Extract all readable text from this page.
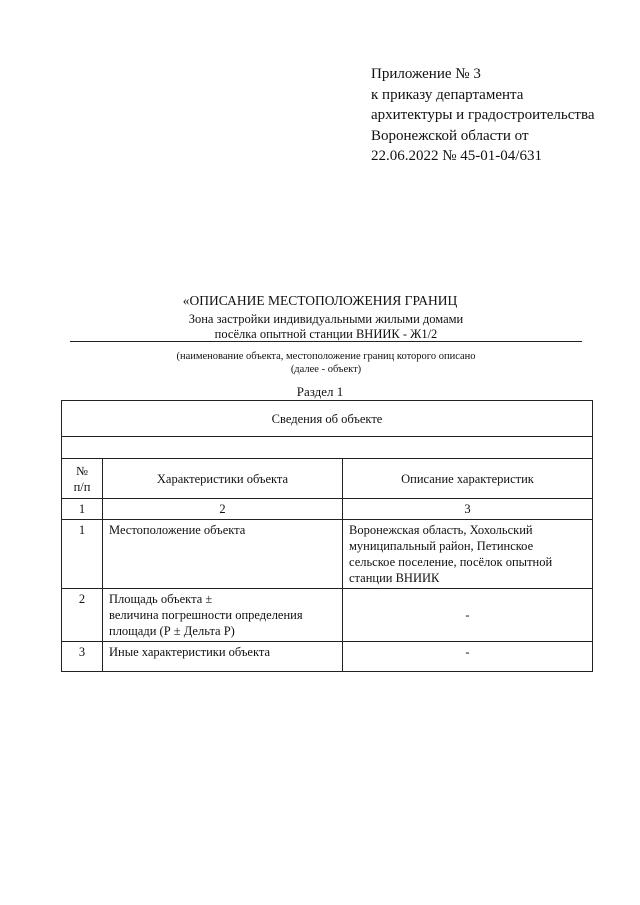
Приложение № 3
к приказу департамента
архитектуры и градостроительства
Воронежской области от
22.06.2022 № 45-01-04/631
«ОПИСАНИЕ МЕСТОПОЛОЖЕНИЯ ГРАНИЦ
Зона застройки индивидуальными жилыми домами
посёлка опытной станции ВНИИК - Ж1/2
(наименование объекта, местоположение границ которого описано
(далее - объект)
Раздел 1
Сведения об объекте		

№
п/п	Характеристики объекта	Описание характеристик
1	2	3
1	Местоположение объекта	Воронежская область, Хохольский
муниципальный район, Петинское
сельское поселение, посёлок опытной
станции ВНИИК

2	Площадь объекта ±
величина погрешности определения
площади (Р ± Дельта Р)	-
3	Иные характеристики объекта	-
